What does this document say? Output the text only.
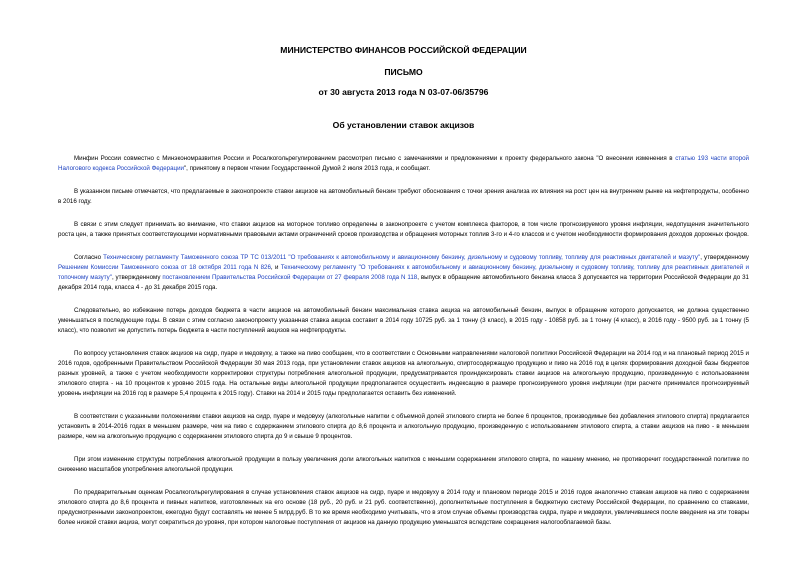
МИНИСТЕРСТВО ФИНАНСОВ РОССИЙСКОЙ ФЕДЕРАЦИИ
ПИСЬМО
от 30 августа 2013 года N 03-07-06/35796
Об установлении ставок акцизов

Минфин России совместно с Минэкономразвития России и Росалкогольрегулированием рассмотрел письмо с замечаниями и предложениями к проекту федерального закона "О внесении изменения в статью 193 части второй Налогового кодекса Российской Федерации", принятому в первом чтении Государственной Думой 2 июля 2013 года, и сообщает.

В указанном письме отмечается, что предлагаемые в законопроекте ставки акцизов на автомобильный бензин требуют обоснования с точки зрения анализа их влияния на рост цен на внутреннем рынке на нефтепродукты, особенно в 2016 году.

В связи с этим следует принимать во внимание, что ставки акцизов на моторное топливо определены в законопроекте с учетом комплекса факторов, в том числе прогнозируемого уровня инфляции, недопущения значительного роста цен, а также принятых соответствующими нормативными правовыми актами ограничений сроков производства и обращения моторных топлив 3-го и 4-го классов и с учетом необходимости формирования доходов дорожных фондов.

Согласно Техническому регламенту Таможенного союза ТР ТС 013/2011 "О требованиях к автомобильному и авиационному бензину, дизельному и судовому топливу, топливу для реактивных двигателей и мазуту", утвержденному Решением Комиссии Таможенного союза от 18 октября 2011 года N 826, и Техническому регламенту "О требованиях к автомобильному и авиационному бензину, дизельному и судовому топливу, топливу для реактивных двигателей и топочному мазуту", утвержденному постановлением Правительства Российской Федерации от 27 февраля 2008 года N 118, выпуск в обращение автомобильного бензина класса 3 допускается на территории Российской Федерации до 31 декабря 2014 года, класса 4 - до 31 декабря 2015 года.

Следовательно, во избежание потерь доходов бюджета в части акцизов на автомобильный бензин максимальная ставка акциза на автомобильный бензин, выпуск в обращение которого допускается, не должна существенно уменьшаться в последующие годы. В связи с этим согласно законопроекту указанная ставка акциза составит в 2014 году 10725 руб. за 1 тонну (3 класс), в 2015 году - 10858 руб. за 1 тонну (4 класс), в 2016 году - 9500 руб. за 1 тонну (5 класс), что позволит не допустить потерь бюджета в части поступлений акцизов на нефтепродукты.

По вопросу установления ставок акцизов на сидр, пуаре и медовуху, а также на пиво сообщаем, что в соответствии с Основными направлениями налоговой политики Российской Федерации на 2014 год и на плановый период 2015 и 2016 годов, одобренными Правительством Российской Федерации 30 мая 2013 года, при установлении ставок акцизов на алкогольную, спиртосодержащую продукцию и пиво на 2016 год в целях формирования доходной базы бюджетов разных уровней, а также с учетом необходимости корректировки структуры потребления алкогольной продукции, предусматривается проиндексировать ставки акцизов на алкогольную продукцию, произведенную с использованием этилового спирта - на 10 процентов к уровню 2015 года. На остальные виды алкогольной продукции предполагается осуществить индексацию в размере прогнозируемого уровня инфляции (при расчете принимался прогнозируемый уровень инфляции на 2016 год в размере 5,4 процента к 2015 году). Ставки на 2014 и 2015 годы предполагается оставить без изменений.

В соответствии с указанными положениями ставки акцизов на сидр, пуаре и медовуху (алкогольные напитки с объемной долей этилового спирта не более 6 процентов, производимые без добавления этилового спирта) предлагается установить в 2014-2016 годах в меньшем размере, чем на пиво с содержанием этилового спирта до 8,6 процента и алкогольную продукцию, произведенную с использованием этилового спирта, а ставки акцизов на пиво - в меньшем размере, чем на алкогольную продукцию с содержанием этилового спирта до 9 и свыше 9 процентов.

При этом изменение структуры потребления алкогольной продукции в пользу увеличения доли алкогольных напитков с меньшим содержанием этилового спирта, по нашему мнению, не противоречит государственной политике по снижению масштабов употребления алкогольной продукции.

По предварительным оценкам Росалкогольрегулирования в случае установления ставок акцизов на сидр, пуаре и медовуху в 2014 году и плановом периоде 2015 и 2016 годов аналогично ставкам акцизов на пиво с содержанием этилового спирта до 8,6 процента и пивных напитков, изготовленных на его основе (18 руб., 20 руб. и 21 руб. соответственно), дополнительные поступления в бюджетную систему Российской Федерации, по сравнению со ставками, предусмотренными законопроектом, ежегодно будут составлять не менее 5 млрд.руб. В то же время необходимо учитывать, что в этом случае объемы производства сидра, пуаре и медовухи, увеличившиеся после введения на эти товары более низкой ставки акциза, могут сократиться до уровня, при котором налоговые поступления от акцизов на данную продукцию уменьшатся вследствие сокращения налогооблагаемой базы.
